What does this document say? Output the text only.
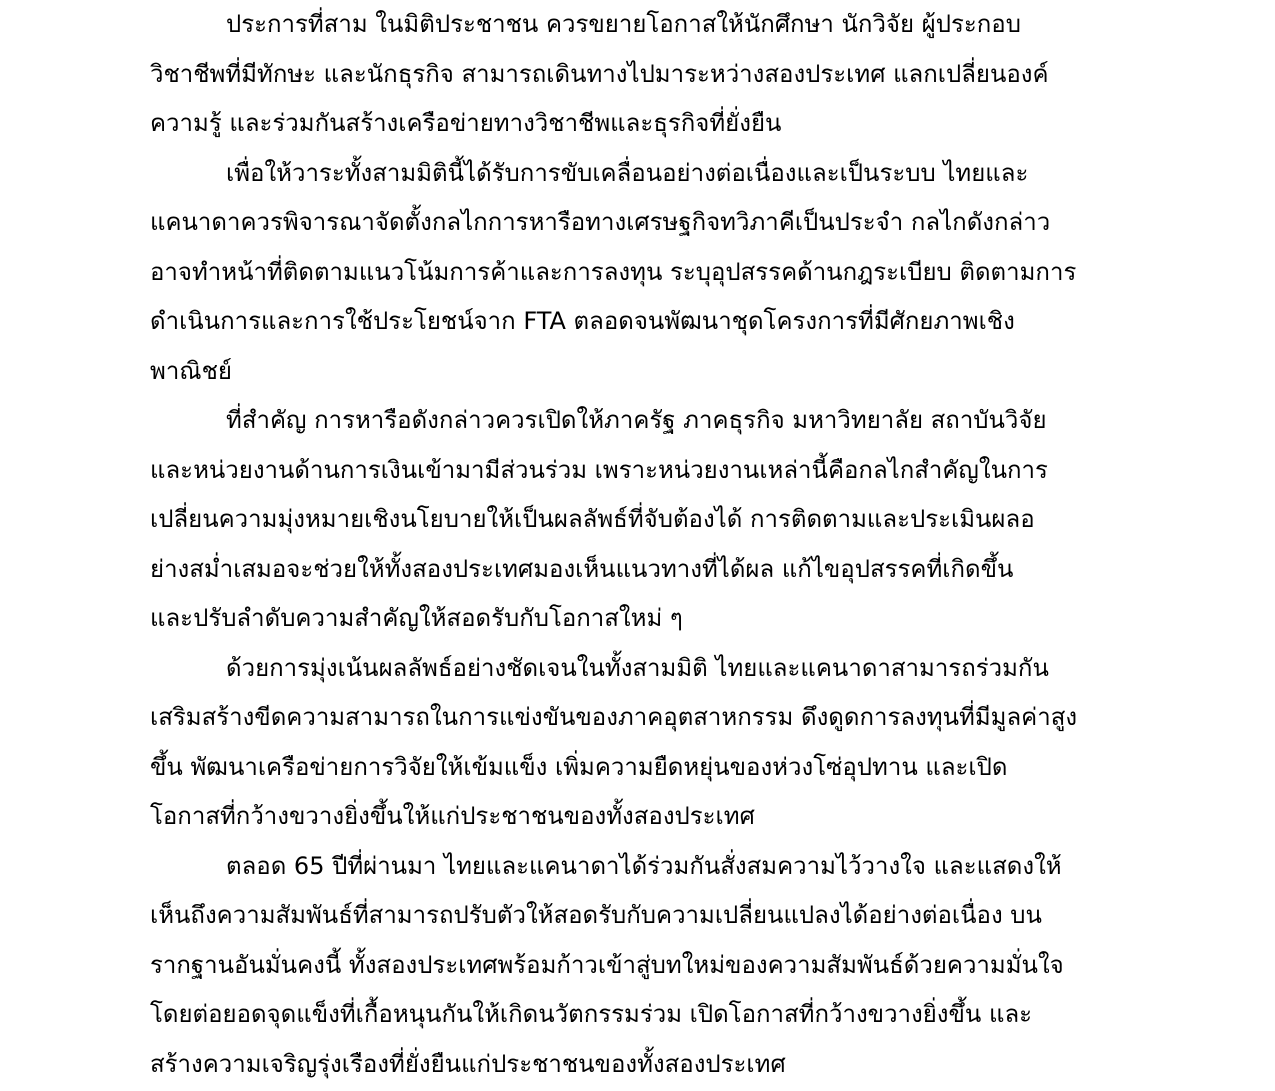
ประการที่สาม ในมิติประชาชน ควรขยายโอกาสให้นักศึกษา นักวิจัย ผู้ประกอบ
วิชาชีพที่มีทักษะ และนักธุรกิจ สามารถเดินทางไปมาระหว่างสองประเทศ แลกเปลี่ยนองค์
ความรู้ และร่วมกันสร้างเครือข่ายทางวิชาชีพและธุรกิจที่ยั่งยืน
เพื่อให้วาระทั้งสามมิตินี้ได้รับการขับเคลื่อนอย่างต่อเนื่องและเป็นระบบ ไทยและ
แคนาดาควรพิจารณาจัดตั้งกลไกการหารือทางเศรษฐกิจทวิภาคีเป็นประจำ กลไกดังกล่าว
อาจทำหน้าที่ติดตามแนวโน้มการค้าและการลงทุน ระบุอุปสรรคด้านกฎระเบียบ ติดตามการ
ดำเนินการและการใช้ประโยชน์จาก FTA ตลอดจนพัฒนาชุดโครงการที่มีศักยภาพเชิง
พาณิชย์
ที่สำคัญ การหารือดังกล่าวควรเปิดให้ภาครัฐ ภาคธุรกิจ มหาวิทยาลัย สถาบันวิจัย
และหน่วยงานด้านการเงินเข้ามามีส่วนร่วม เพราะหน่วยงานเหล่านี้คือกลไกสำคัญในการ
เปลี่ยนความมุ่งหมายเชิงนโยบายให้เป็นผลลัพธ์ที่จับต้องได้ การติดตามและประเมินผลอ
ย่างสม่ำเสมอจะช่วยให้ทั้งสองประเทศมองเห็นแนวทางที่ได้ผล แก้ไขอุปสรรคที่เกิดขึ้น
และปรับลำดับความสำคัญให้สอดรับกับโอกาสใหม่ ๆ
ด้วยการมุ่งเน้นผลลัพธ์อย่างชัดเจนในทั้งสามมิติ ไทยและแคนาดาสามารถร่วมกัน
เสริมสร้างขีดความสามารถในการแข่งขันของภาคอุตสาหกรรม ดึงดูดการลงทุนที่มีมูลค่าสูง
ขึ้น พัฒนาเครือข่ายการวิจัยให้เข้มแข็ง เพิ่มความยืดหยุ่นของห่วงโซ่อุปทาน และเปิด
โอกาสที่กว้างขวางยิ่งขึ้นให้แก่ประชาชนของทั้งสองประเทศ
ตลอด 65 ปีที่ผ่านมา ไทยและแคนาดาได้ร่วมกันสั่งสมความไว้วางใจ และแสดงให้
เห็นถึงความสัมพันธ์ที่สามารถปรับตัวให้สอดรับกับความเปลี่ยนแปลงได้อย่างต่อเนื่อง บน
รากฐานอันมั่นคงนี้ ทั้งสองประเทศพร้อมก้าวเข้าสู่บทใหม่ของความสัมพันธ์ด้วยความมั่นใจ
โดยต่อยอดจุดแข็งที่เกื้อหนุนกันให้เกิดนวัตกรรมร่วม เปิดโอกาสที่กว้างขวางยิ่งขึ้น และ
สร้างความเจริญรุ่งเรืองที่ยั่งยืนแก่ประชาชนของทั้งสองประเทศ
